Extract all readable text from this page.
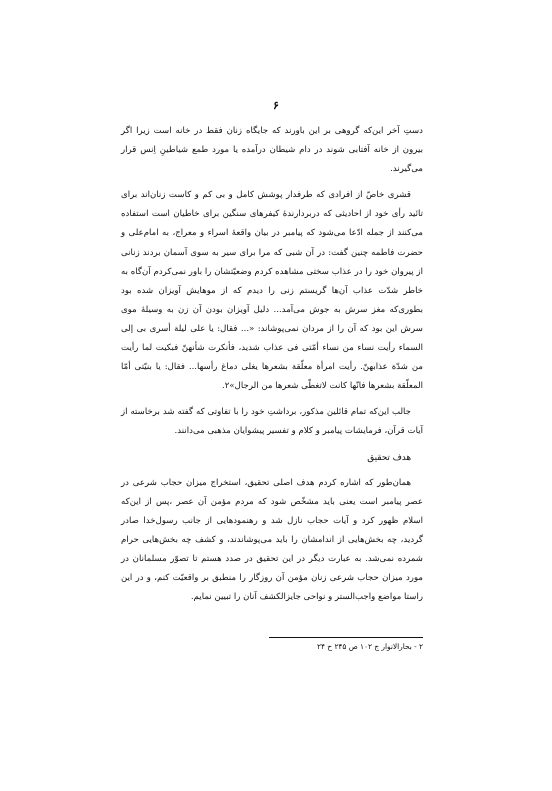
۶

دستِ آخر این‌که گروهی بر این باورند که جایگاه زنان فقط در خانه است زیرا اگر بیرون از خانه آفتابی شوند در دام شیطان درآمده یا مورد طمع شیاطینِ اِنس قرار می‌گیرند.

قشری خاصّ از افرادی که طرفدار پوشش کامل و بی کم و کاست زنان‌اند برای تائید رأی خود از احادیثی که دربردارندۀ کیفرهای سنگین برای خاطیان است استفاده می‌کنند از جمله ادّعا می‌شود که پیامبر در بیان واقعۀ اسراء و معراج، به امام‌علی و حضرت فاطمه چنین گفت: در آن شبی که مرا برای سیر به سوی آسمان بردند زنانی از پیروان خود را در عذاب سختی مشاهده کردم وضعیّتشان را باور نمی‌کردم آن‌گاه به خاطر شدّت عذاب آن‌ها گریستم زنی را دیدم که از موهایش آویزان شده بود بطوری‌که مغز سرش به جوش می‌آمد... دلیل آویزان بودن آن زن به وسیلۀ موی سرش این بود که آن را از مردان نمی‌پوشاند: «... فقال: یا علی لیلة أسری بی إلی السماء رأیت نساء من نساء أمّتی فی عذاب شدید، فأنکرت شأنهنّ فبکیت لما رأیت من شدّة عذابهنّ. رأیت امرأة معلّقة بشعرها یغلی دماغ رأسها... فقال: یا بنیّتی أمّا المعلّقة بشعرها فانّها کانت لاتغطّی شعرها من الرجال»۲.

جالب این‌که تمام قائلین مذکور، برداشتِ خود را با تفاوتی که گفته شد برخاسته از آیات قرآن، فرمایشات پیامبر و کلام و تفسیر پیشوایان مذهبی می‌دانند.

هدف تحقیق

همان‌طور که اشاره کردم هدف اصلی تحقیق، استخراج میزان حجاب شرعی در عصر پیامبر است یعنی باید مشخّص شود که مردم مؤمن آن عصر ،پس از این‌که اسلام ظهور کرد و آیات حجاب نازل شد و رهنمودهایی از جانب رسول‌خدا صادر گردید، چه بخش‌هایی از اندامشان را باید می‌پوشاندند، و کشف چه بخش‌هایی حرام شمرده نمی‌شد. به عبارت دیگر در این تحقیق در صدد هستم تا تصوّر مسلمانان در مورد میزان حجاب شرعی زنان مؤمن آن روزگار را منطبق بر واقعیّت کنم، و در این راستا مواضع واجب‌الستر و نواحی جایزالکشف آنان را تبیین نمایم.

۲ - بحارالانوار ج ۱۰۲ ص ۲۴۵ ح ۲۴
